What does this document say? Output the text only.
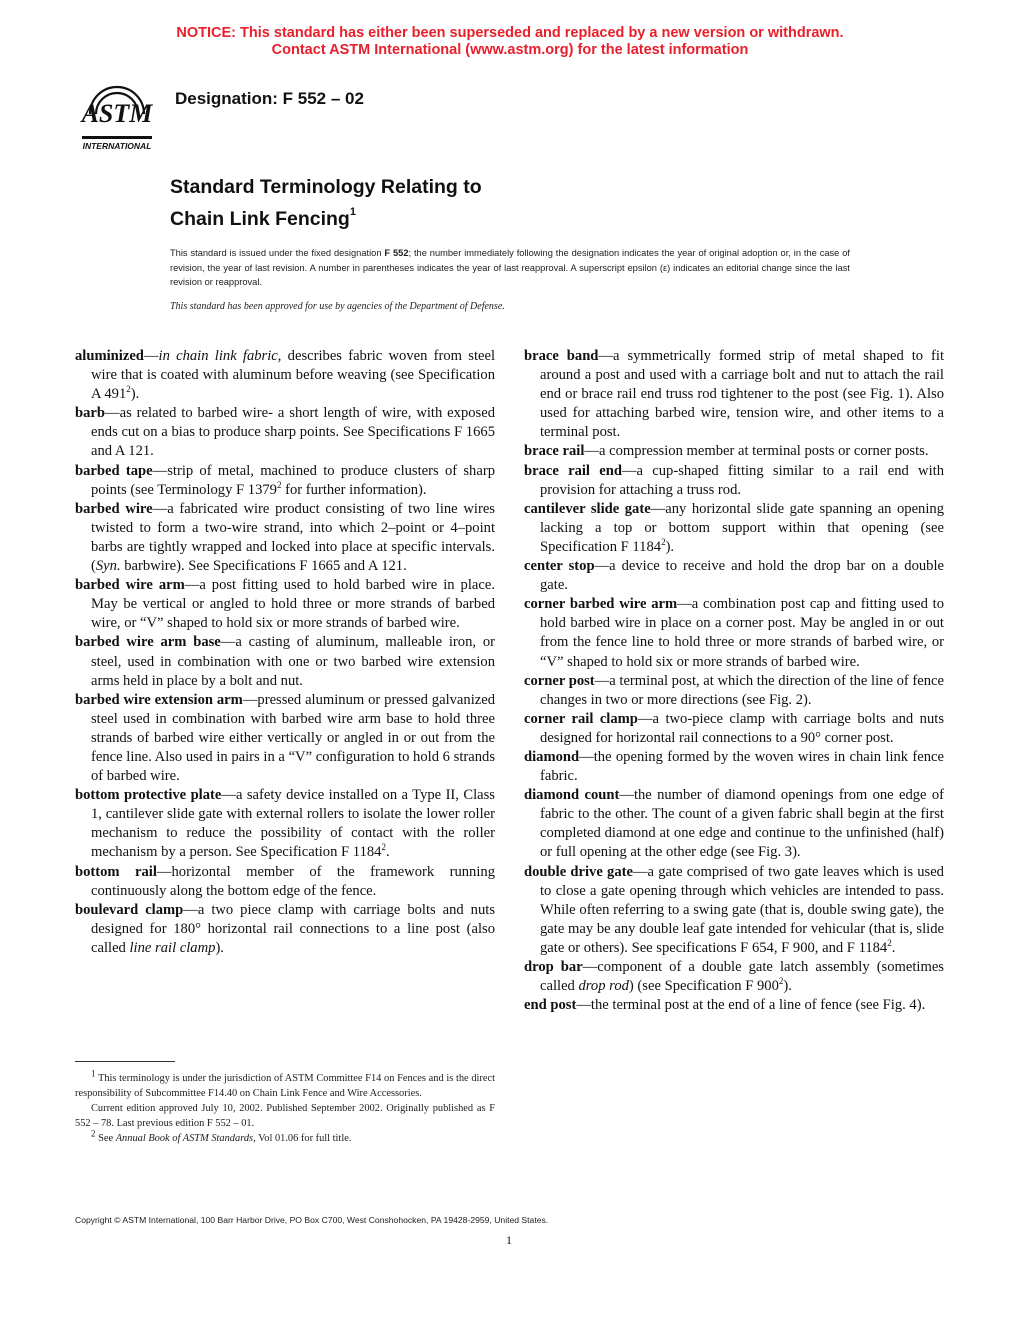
NOTICE: This standard has either been superseded and replaced by a new version or withdrawn.
Contact ASTM International (www.astm.org) for the latest information
ASTM
INTERNATIONAL
Designation: F 552 – 02
Standard Terminology Relating to
Chain Link Fencing$^1$
This standard is issued under the fixed designation F 552; the number immediately following the designation indicates the year of original adoption or, in the case of revision, the year of last revision. A number in parentheses indicates the year of last reapproval. A superscript epsilon (ε) indicates an editorial change since the last revision or reapproval.
This standard has been approved for use by agencies of the Department of Defense.

aluminized—in chain link fabric, describes fabric woven from steel wire that is coated with aluminum before weaving (see Specification A $491^2$).

barb—as related to barbed wire- a short length of wire, with exposed ends cut on a bias to produce sharp points. See Specifications F 1665 and A 121.

barbed tape—strip of metal, machined to produce clusters of sharp points (see Terminology F 1379$^2$ for further information).

barbed wire—a fabricated wire product consisting of two line wires twisted to form a two-wire strand, into which 2–point or 4–point barbs are tightly wrapped and locked into place at specific intervals. (Syn. barbwire). See Specifications F 1665 and A 121.

barbed wire arm—a post fitting used to hold barbed wire in place. May be vertical or angled to hold three or more strands of barbed wire, or “V” shaped to hold six or more strands of barbed wire.

barbed wire arm base—a casting of aluminum, malleable iron, or steel, used in combination with one or two barbed wire extension arms held in place by a bolt and nut.

barbed wire extension arm—pressed aluminum or pressed galvanized steel used in combination with barbed wire arm base to hold three strands of barbed wire either vertically or angled in or out from the fence line. Also used in pairs in a “V” configuration to hold 6 strands of barbed wire.

bottom protective plate—a safety device installed on a Type II, Class 1, cantilever slide gate with external rollers to isolate the lower roller mechanism to reduce the possibility of contact with the roller mechanism by a person. See Specification F 1184$^2$.

bottom rail—horizontal member of the framework running continuously along the bottom edge of the fence.

boulevard clamp—a two piece clamp with carriage bolts and nuts designed for 180° horizontal rail connections to a line post (also called line rail clamp).

brace band—a symmetrically formed strip of metal shaped to fit around a post and used with a carriage bolt and nut to attach the rail end or brace rail end truss rod tightener to the post (see Fig. 1). Also used for attaching barbed wire, tension wire, and other items to a terminal post.

brace rail—a compression member at terminal posts or corner posts.

brace rail end—a cup-shaped fitting similar to a rail end with provision for attaching a truss rod.

cantilever slide gate—any horizontal slide gate spanning an opening lacking a top or bottom support within that opening (see Specification F 1184$^2$).

center stop—a device to receive and hold the drop bar on a double gate.

corner barbed wire arm—a combination post cap and fitting used to hold barbed wire in place on a corner post. May be angled in or out from the fence line to hold three or more strands of barbed wire, or “V” shaped to hold six or more strands of barbed wire.

corner post—a terminal post, at which the direction of the line of fence changes in two or more directions (see Fig. 2).

corner rail clamp—a two-piece clamp with carriage bolts and nuts designed for horizontal rail connections to a 90° corner post.

diamond—the opening formed by the woven wires in chain link fence fabric.

diamond count—the number of diamond openings from one edge of fabric to the other. The count of a given fabric shall begin at the first completed diamond at one edge and continue to the unfinished (half) or full opening at the other edge (see Fig. 3).

double drive gate—a gate comprised of two gate leaves which is used to close a gate opening through which vehicles are intended to pass. While often referring to a swing gate (that is, double swing gate), the gate may be any double leaf gate intended for vehicular (that is, slide gate or others). See specifications F 654, F 900, and F 1184$^2$.

drop bar—component of a double gate latch assembly (sometimes called drop rod) (see Specification F $900^2$).

end post—the terminal post at the end of a line of fence (see Fig. 4).

$^1$ This terminology is under the jurisdiction of ASTM Committee F14 on Fences and is the direct responsibility of Subcommittee F14.40 on Chain Link Fence and Wire Accessories.

Current edition approved July 10, 2002. Published September 2002. Originally published as F 552 – 78. Last previous edition F 552 – 01.

$^2$ See Annual Book of ASTM Standards, Vol 01.06 for full title.

Copyright © ASTM International, 100 Barr Harbor Drive, PO Box C700, West Conshohocken, PA 19428-2959, United States.
1
